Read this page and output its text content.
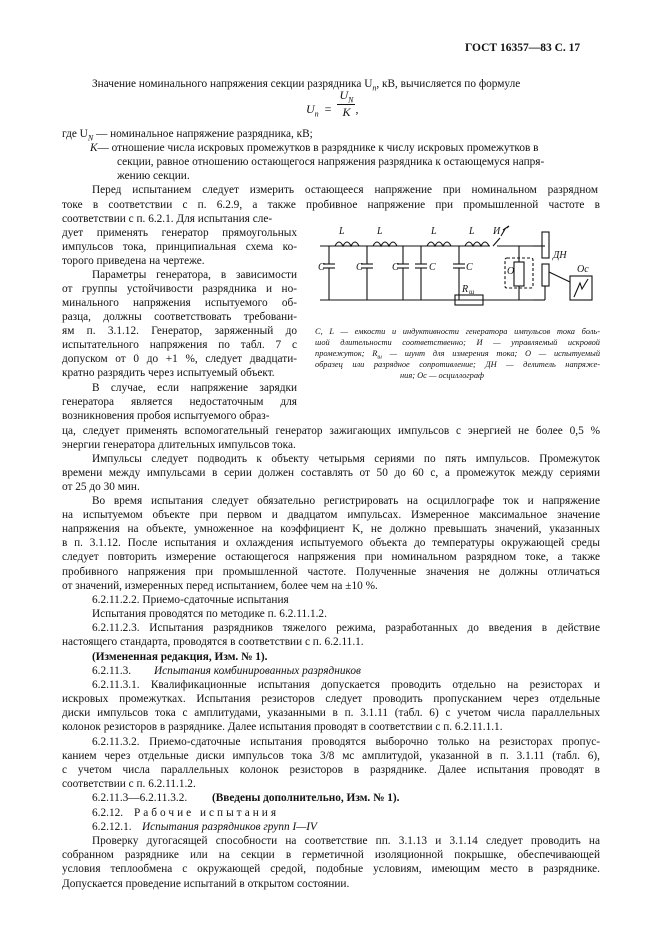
ГОСТ 16357—83 С. 17
Значение номинального напряжения секции разрядника $U_п$, кВ, вычисляется по формуле
$U_п = \frac{U_N}{K}$ ,
где $U_N$ — номинальное напряжение разрядника, кВ;
K— отношение числа искровых промежутков в разряднике к числу искровых промежутков в
секции, равное отношению остающегося напряжения разрядника к остающемуся напря-
жению секции.
Перед испытанием следует измерить остающееся напряжение при номинальном разрядном
токе в соответствии с п. 6.2.9, а также пробивное напряжение при промышленной частоте в
соответствии с п. 6.2.1. Для испытания сле-
дует применять генератор прямоугольных
импульсов тока, принципиальная схема ко-
торого приведена на чертеже.
Параметры генератора, в зависимости
от группы устойчивости разрядника и но-
минального напряжения испытуемого об-
разца, должны соответствовать требовани-
ям п. 3.1.12. Генератор, заряженный до
испытательного напряжения по табл. 7 с
допуском от 0 до +1 %, следует двадцати-
кратно разрядить через испытуемый объект.
В случае, если напряжение зарядки
генератора является недостаточным для
возникновения пробоя испытуемого образ-
ца, следует применять вспомогательный генератор зажигающих импульсов с энергией не более 0,5 %
энергии генератора длительных импульсов тока.
Импульсы следует подводить к объекту четырьмя сериями по пять импульсов. Промежуток
времени между импульсами в серии должен составлять от 50 до 60 с, а промежуток между сериями
от 25 до 30 мин.
Во время испытания следует обязательно регистрировать на осциллографе ток и напряжение
на испытуемом объекте при первом и двадцатом импульсах. Измеренное максимальное значение
напряжения на объекте, умноженное на коэффициент K, не должно превышать значений, указанных
в п. 3.1.12. После испытания и охлаждения испытуемого объекта до температуры окружающей среды
следует повторить измерение остающегося напряжения при номинальном разрядном токе, а также
пробивного напряжения при промышленной частоте. Полученные значения не должны отличаться
от значений, измеренных перед испытанием, более чем на ±10 %.
6.2.11.2.2. Приемо-сдаточные испытания
Испытания проводятся по методике п. 6.2.11.1.2.
6.2.11.2.3. Испытания разрядников тяжелого режима, разработанных до введения в действие
настоящего стандарта, проводятся в соответствии с п. 6.2.11.1.
(Измененная редакция, Изм. № 1).
6.2.11.3. Испытания комбинированных разрядников
6.2.11.3.1. Квалификационные испытания допускается проводить отдельно на резисторах и
искровых промежутках. Испытания резисторов следует проводить пропусканием через отдельные
диски импульсов тока с амплитудами, указанными в п. 3.1.11 (табл. 6) с учетом числа параллельных
колонок резисторов в разряднике. Далее испытания проводят в соответствии с п. 6.2.11.1.1.
6.2.11.3.2. Приемо-сдаточные испытания проводятся выборочно только на резисторах пропус-
канием через отдельные диски импульсов тока 3/8 мс амплитудой, указанной в п. 3.1.11 (табл. 6),
с учетом числа параллельных колонок резисторов в разряднике. Далее испытания проводят в
соответствии с п. 6.2.11.1.2.
6.2.11.3—6.2.11.3.2. (Введены дополнительно, Изм. № 1).
6.2.12. Рабочие испытания
6.2.12.1. Испытания разрядников групп I—IV
Проверку дугогасящей способности на соответствие пп. 3.1.13 и 3.1.14 следует проводить на
собранном разряднике или на секции в герметичной изоляционной покрышке, обеспечивающей
условия теплообмена с окружающей средой, подобные условиям, имеющим место в разряднике.
Допускается проведение испытаний в открытом состоянии.
L	L	L	L
C	C	C	C	C
И
О
ДН
Ос
R ш
C, L — емкости и индуктивности генератора импульсов тока боль-
шой длительности соответственно; И — управляемый искровой
промежуток; $R_ш$ — шунт для измерения тока; О — испытуемый
образец или разрядное сопротивление; ДН — делитель напряже-
ния; Ос — осциллограф
